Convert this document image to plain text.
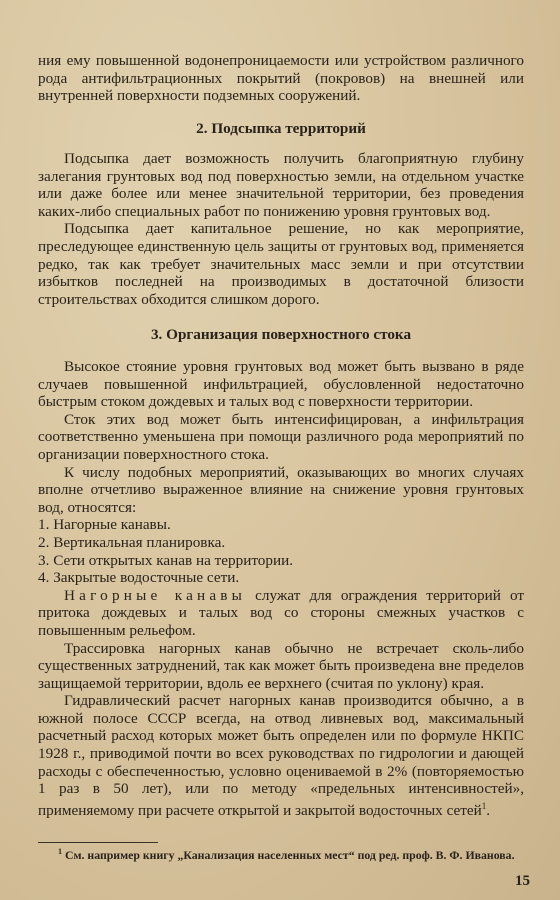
ния ему повышенной водонепроницаемости или устройством различного рода антифильтрационных покрытий (покровов) на внешней или внутренней поверхности подземных сооружений.

2. Подсыпка территорий

Подсыпка дает возможность получить благоприятную глубину залегания грунтовых вод под поверхностью земли, на отдельном участке или даже более или менее значительной территории, без проведения каких-либо специальных работ по понижению уровня грунтовых вод.

Подсыпка дает капитальное решение, но как мероприятие, преследующее единственную цель защиты от грунтовых вод, применяется редко, так как требует значительных масс земли и при отсутствии избытков последней на производимых в достаточной близости строительствах обходится слишком дорого.

3. Организация поверхностного стока

Высокое стояние уровня грунтовых вод может быть вызвано в ряде случаев повышенной инфильтрацией, обусловленной недостаточно быстрым стоком дождевых и талых вод с поверхности территории.

Сток этих вод может быть интенсифицирован, а инфильтрация соответственно уменьшена при помощи различного рода мероприятий по организации поверхностного стока.

К числу подобных мероприятий, оказывающих во многих случаях вполне отчетливо выраженное влияние на снижение уровня грунтовых вод, относятся:

1. Нагорные канавы.
2. Вертикальная планировка.
3. Сети открытых канав на территории.
4. Закрытые водосточные сети.

Нагорные канавы служат для ограждения территорий от притока дождевых и талых вод со стороны смежных участков с повышенным рельефом.

Трассировка нагорных канав обычно не встречает сколь-либо существенных затруднений, так как может быть произведена вне пределов защищаемой территории, вдоль ее верхнего (считая по уклону) края.

Гидравлический расчет нагорных канав производится обычно, а в южной полосе СССР всегда, на отвод ливневых вод, максимальный расчетный расход которых может быть определен или по формуле НКПС 1928 г., приводимой почти во всех руководствах по гидрологии и дающей расходы с обеспеченностью, условно оцениваемой в 2% (повторяемостью 1 раз в 50 лет), или по методу «предельных интенсивностей», применяемому при расчете открытой и закрытой водосточных сетей$^1$.

$^1$ См. например книгу „Канализация населенных мест“ под ред. проф. В. Ф. Иванова.

15
